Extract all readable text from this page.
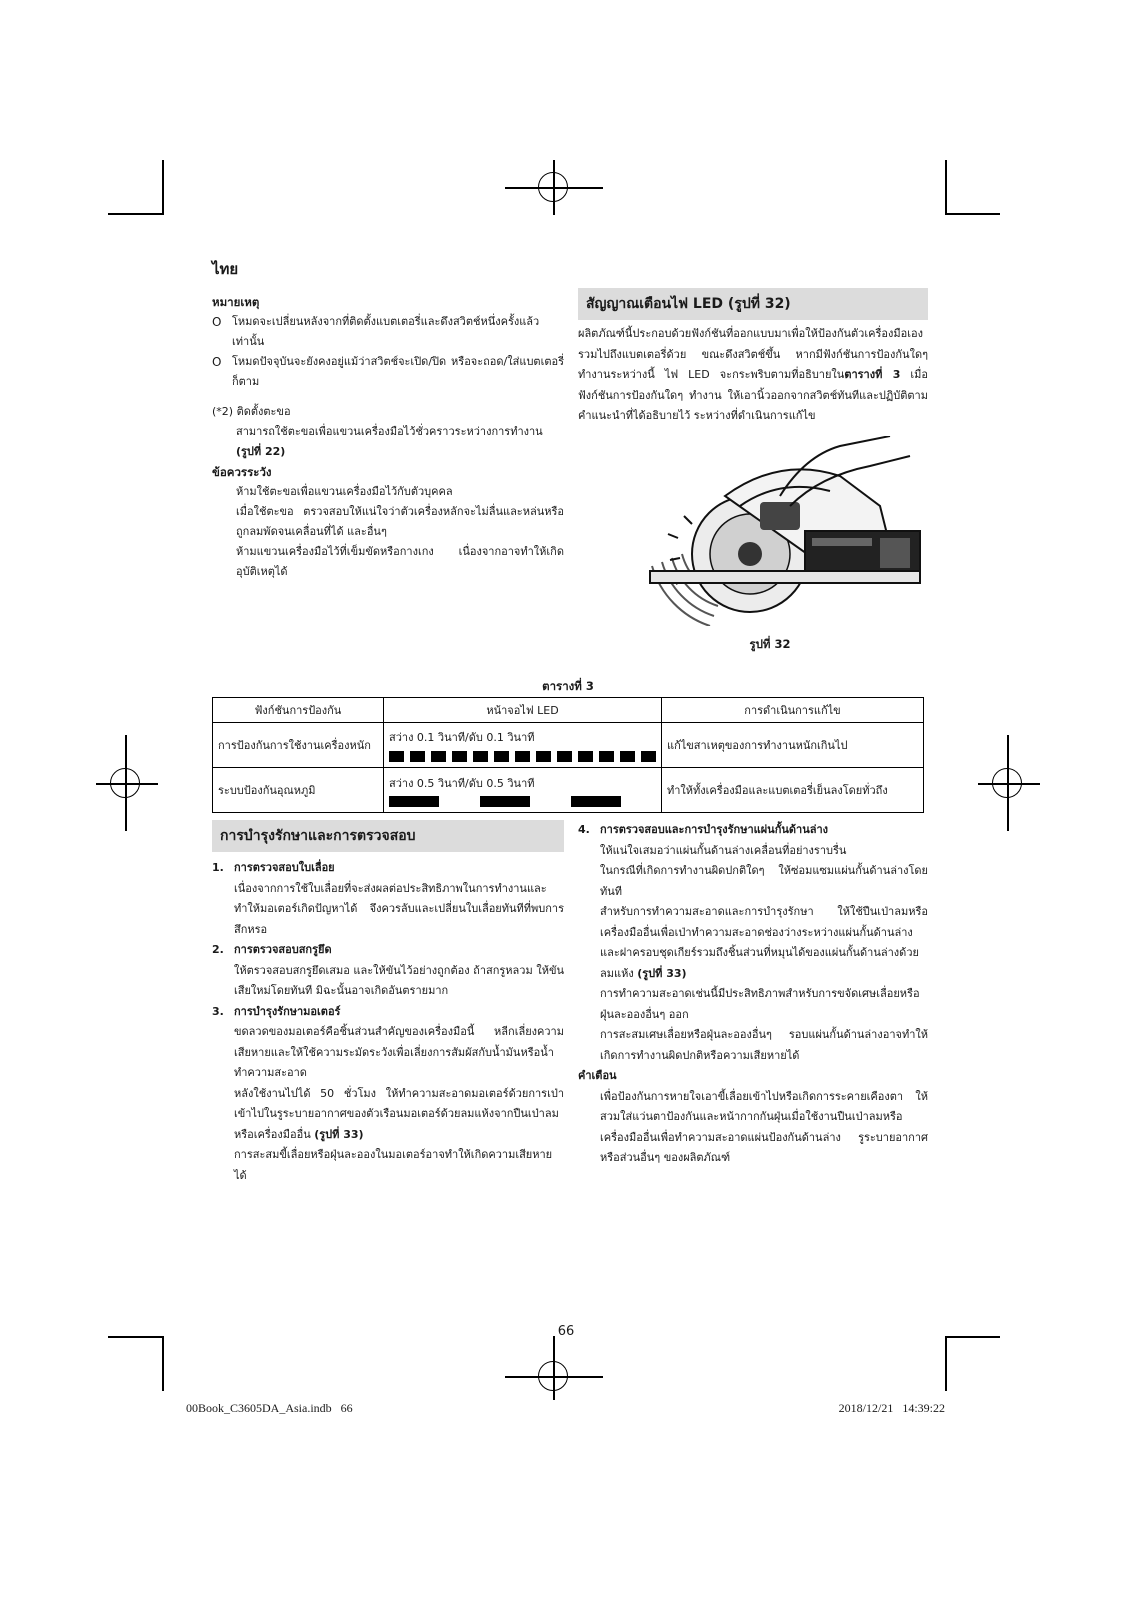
ไทย

หมายเหตุ

O โหมดจะเปลี่ยนหลังจากที่ติดตั้งแบตเตอรี่และดึงสวิตช์หนึ่งครั้งแล้วเท่านั้น
O โหมดปัจจุบันจะยังคงอยู่แม้ว่าสวิตช์จะเปิด/ปิด หรือจะถอด/ใส่แบตเตอรี่ก็ตาม

(*2) ติดตั้งตะขอ

สามารถใช้ตะขอเพื่อแขวนเครื่องมือไว้ชั่วคราวระหว่างการทำงาน
(รูปที่ 22)

ข้อควรระวัง

ห้ามใช้ตะขอเพื่อแขวนเครื่องมือไว้กับตัวบุคคล

เมื่อใช้ตะขอ ตรวจสอบให้แน่ใจว่าตัวเครื่องหลักจะไม่ลื่นและหล่นหรือถูกลมพัดจนเคลื่อนที่ได้ และอื่นๆ

ห้ามแขวนเครื่องมือไว้ที่เข็มขัดหรือกางเกง เนื่องจากอาจทำให้เกิดอุบัติเหตุได้

สัญญาณเตือนไฟ LED (รูปที่ 32)

ผลิตภัณฑ์นี้ประกอบด้วยฟังก์ชันที่ออกแบบมาเพื่อให้ป้องกันตัวเครื่องมือเองรวมไปถึงแบตเตอรี่ด้วย ขณะดึงสวิตช์ขึ้น หากมีฟังก์ชันการป้องกันใดๆ ทำงานระหว่างนี้ ไฟ LED จะกระพริบตามที่อธิบายในตารางที่ 3 เมื่อฟังก์ชันการป้องกันใดๆ ทำงาน ให้เอานิ้วออกจากสวิตช์ทันทีและปฏิบัติตามคำแนะนำที่ได้อธิบายไว้ ระหว่างที่ดำเนินการแก้ไข

รูปที่ 32
ตารางที่ 3
ฟังก์ชันการป้องกัน	หน้าจอไฟ LED	การดำเนินการแก้ไข
การป้องกันการใช้งานเครื่องหนัก	สว่าง 0.1 วินาที/ดับ 0.1 วินาที	แก้ไขสาเหตุของการทำงานหนักเกินไป
ระบบป้องกันอุณหภูมิ	สว่าง 0.5 วินาที/ดับ 0.5 วินาที	ทำให้ทั้งเครื่องมือและแบตเตอรี่เย็นลงโดยทั่วถึง
การบำรุงรักษาและการตรวจสอบ
1. การตรวจสอบใบเลื่อย

เนื่องจากการใช้ใบเลื่อยที่จะส่งผลต่อประสิทธิภาพในการทำงานและทำให้มอเตอร์เกิดปัญหาได้ จึงควรลับและเปลี่ยนใบเลื่อยทันทีที่พบการสึกหรอ

2. การตรวจสอบสกรูยึด

ให้ตรวจสอบสกรูยึดเสมอ และให้ขันไว้อย่างถูกต้อง ถ้าสกรูหลวม ให้ขันเสียใหม่โดยทันที มิฉะนั้นอาจเกิดอันตรายมาก

3. การบำรุงรักษามอเตอร์

ขดลวดของมอเตอร์คือชิ้นส่วนสำคัญของเครื่องมือนี้ หลีกเลี่ยงความเสียหายและให้ใช้ความระมัดระวังเพื่อเลี่ยงการสัมผัสกับน้ำมันหรือน้ำทำความสะอาด

หลังใช้งานไปได้ 50 ชั่วโมง ให้ทำความสะอาดมอเตอร์ด้วยการเป่าเข้าไปในรูระบายอากาศของตัวเรือนมอเตอร์ด้วยลมแห้งจากปืนเป่าลมหรือเครื่องมืออื่น (รูปที่ 33)

การสะสมขี้เลื่อยหรือฝุ่นละอองในมอเตอร์อาจทำให้เกิดความเสียหายได้

4. การตรวจสอบและการบำรุงรักษาแผ่นกั้นด้านล่าง

ให้แน่ใจเสมอว่าแผ่นกั้นด้านล่างเคลื่อนที่อย่างราบรื่น

ในกรณีที่เกิดการทำงานผิดปกติใดๆ ให้ซ่อมแซมแผ่นกั้นด้านล่างโดยทันที

สำหรับการทำความสะอาดและการบำรุงรักษา ให้ใช้ปืนเป่าลมหรือเครื่องมืออื่นเพื่อเป่าทำความสะอาดช่องว่างระหว่างแผ่นกั้นด้านล่างและฝาครอบชุดเกียร์รวมถึงชิ้นส่วนที่หมุนได้ของแผ่นกั้นด้านล่างด้วยลมแห้ง (รูปที่ 33)

การทำความสะอาดเช่นนี้มีประสิทธิภาพสำหรับการขจัดเศษเลื่อยหรือฝุ่นละอองอื่นๆ ออก

การสะสมเศษเลื่อยหรือฝุ่นละอองอื่นๆ รอบแผ่นกั้นด้านล่างอาจทำให้เกิดการทำงานผิดปกติหรือความเสียหายได้

คำเตือน

เพื่อป้องกันการหายใจเอาขี้เลื่อยเข้าไปหรือเกิดการระคายเคืองตา ให้สวมใส่แว่นตาป้องกันและหน้ากากกันฝุ่นเมื่อใช้งานปืนเป่าลมหรือเครื่องมืออื่นเพื่อทำความสะอาดแผ่นป้องกันด้านล่าง รูระบายอากาศหรือส่วนอื่นๆ ของผลิตภัณฑ์

66
00Book_C3605DA_Asia.indb   66	2018/12/21   14:39:22
